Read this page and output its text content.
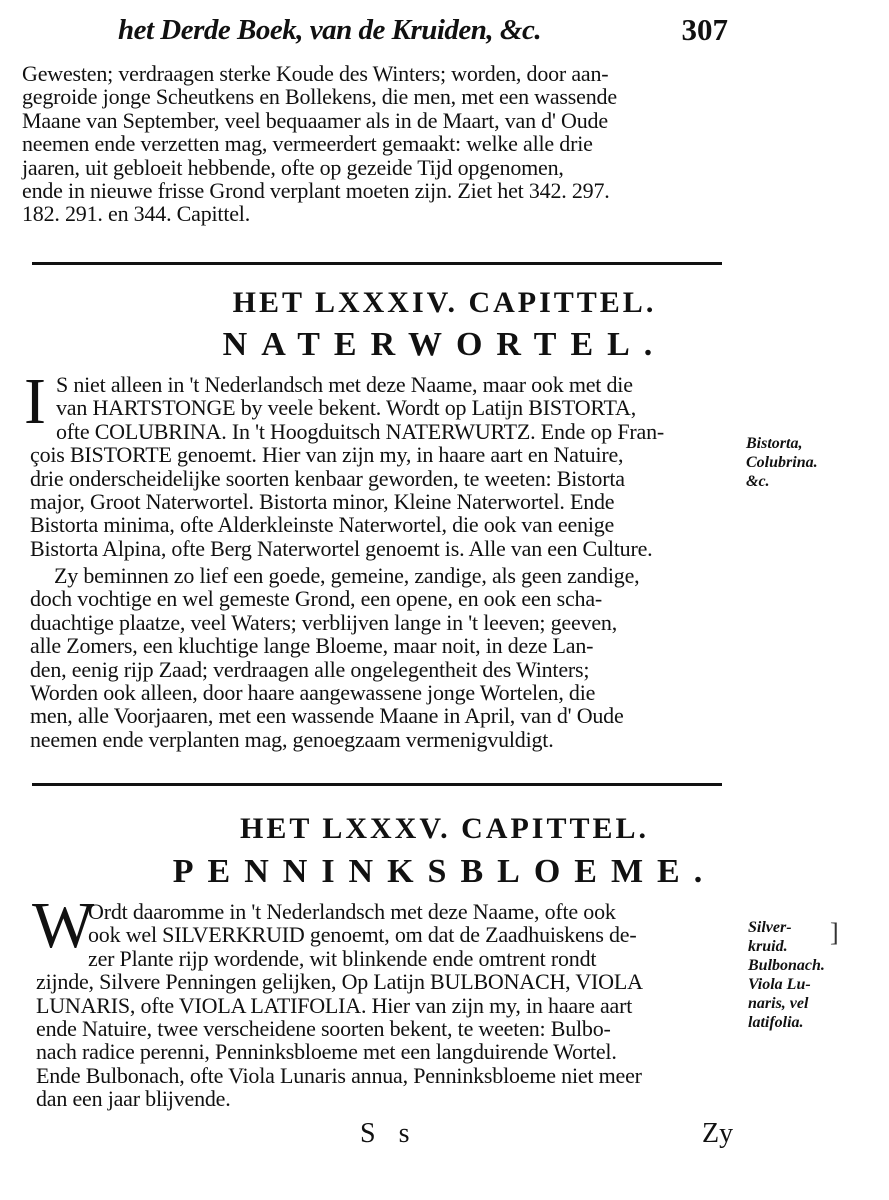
het Derde Boek, van de Kruiden, &c.	307
Gewesten; verdraagen sterke Koude des Winters; worden, door aan-
gegroide jonge Scheutkens en Bollekens, die men, met een wassende
Maane van September, veel bequaamer als in de Maart, van d' Oude
neemen ende verzetten mag, vermeerdert gemaakt: welke alle drie
jaaren, uit gebloeit hebbende, ofte op gezeide Tijd opgenomen,
ende in nieuwe frisse Grond verplant moeten zijn. Ziet het 342. 297.
182. 291. en 344. Capittel.
HET LXXXIV. CAPITTEL.
NATERWORTEL.
I S niet alleen in 't Nederlandsch met deze Naame, maar ook met die
van HARTSTONGE by veele bekent. Wordt op Latijn BISTORTA,
ofte COLUBRINA. In 't Hoogduitsch NATERWURTZ. Ende op Fran-
çois BISTORTE genoemt. Hier van zijn my, in haare aart en Natuire,
drie onderscheidelijke soorten kenbaar geworden, te weeten: Bistorta
major, Groot Naterwortel. Bistorta minor, Kleine Naterwortel. Ende
Bistorta minima, ofte Alderkleinste Naterwortel, die ook van eenige
Bistorta Alpina, ofte Berg Naterwortel genoemt is. Alle van een Culture.
Zy beminnen zo lief een goede, gemeine, zandige, als geen zandige,
doch vochtige en wel gemeste Grond, een opene, en ook een scha-
duachtige plaatze, veel Waters; verblijven lange in 't leeven; geeven,
alle Zomers, een kluchtige lange Bloeme, maar noit, in deze Lan-
den, eenig rijp Zaad; verdraagen alle ongelegentheit des Winters;
Worden ook alleen, door haare aangewassene jonge Wortelen, die
men, alle Voorjaaren, met een wassende Maane in April, van d' Oude
neemen ende verplanten mag, genoegzaam vermenigvuldigt.
Bistorta,
Colubrina.
&c.
HET LXXXV. CAPITTEL.
PENNINKSBLOEME.
W
Ordt daaromme in 't Nederlandsch met deze Naame, ofte ook
ook wel SILVERKRUID genoemt, om dat de Zaadhuiskens de-
zer Plante rijp wordende, wit blinkende ende omtrent rondt
zijnde, Silvere Penningen gelijken, Op Latijn BULBONACH, VIOLA
LUNARIS, ofte VIOLA LATIFOLIA. Hier van zijn my, in haare aart
ende Natuire, twee verscheidene soorten bekent, te weeten: Bulbo-
nach radice perenni, Penninksbloeme met een langduirende Wortel.
Ende Bulbonach, ofte Viola Lunaris annua, Penninksbloeme niet meer
dan een jaar blijvende.
Silver-
kruid.
Bulbonach.
Viola Lu-
naris, vel
latifolia.
]
S s	Zy
